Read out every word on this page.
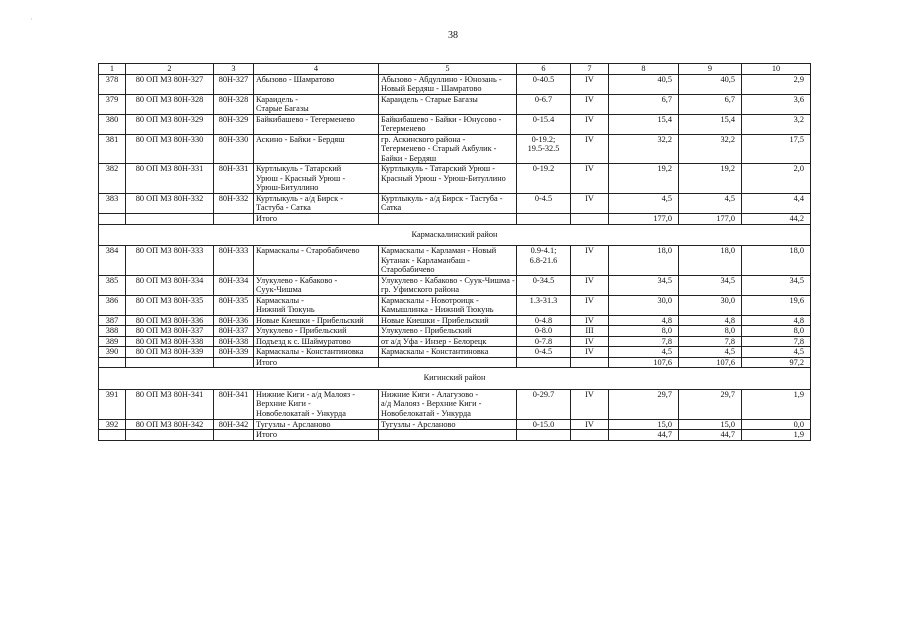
38
1	2	3	4	5	6	7	8	9	10
378	80 ОП МЗ 80Н-327	80Н-327	Абызово - Шамратово	Абызово - Абдуллино - Юнозань -
Новый Бердяш - Шамратово	0-40.5	IV	40,5	40,5	2,9
379	80 ОП МЗ 80Н-328	80Н-328	Караидель -
Старые Багазы	Караидель - Старые Багазы	0-6.7	IV	6,7	6,7	3,6
380	80 ОП МЗ 80Н-329	80Н-329	Байкибашево - Тегерменево	Байкибашево - Байки - Юнусово -
Тегерменево	0-15.4	IV	15,4	15,4	3,2
381	80 ОП МЗ 80Н-330	80Н-330	Аскино - Байки - Бердяш	гр. Аскинского района -
Тегерменево - Старый Акбулик -
Байки - Бердяш	0-19.2;
19.5-32.5	IV	32,2	32,2	17,5
382	80 ОП МЗ 80Н-331	80Н-331	Куртлыкуль - Татарский
Урюш - Красный Урюш -
Урюш-Битуллино	Куртлыкуль - Татарский Урюш -
Красный Урюш - Урюш-Битуллино	0-19.2	IV	19,2	19,2	2,0
383	80 ОП МЗ 80Н-332	80Н-332	Куртлыкуль - а/д Бирск -
Тастуба - Сатка	Куртлыкуль - а/д Бирск - Тастуба -
Сатка	0-4.5	IV	4,5	4,5	4,4
			Итого				177,0	177,0	44,2
Кармаскалинский район									
384	80 ОП МЗ 80Н-333	80Н-333	Кармаскалы - Старобабичево	Кармаскалы - Карламан - Новый
Кутанак - Карламанбаш -
Старобабичево	0.9-4.1;
6.8-21.6	IV	18,0	18,0	18,0
385	80 ОП МЗ 80Н-334	80Н-334	Улукулево - Кабаково -
Суук-Чишма	Улукулево - Кабаково - Суук-Чишма -
гр. Уфимского района	0-34.5	IV	34,5	34,5	34,5
386	80 ОП МЗ 80Н-335	80Н-335	Кармаскалы -
Нижний Тюкунь	Кармаскалы - Новотроицк -
Камышлинка - Нижний Тюкунь	1.3-31.3	IV	30,0	30,0	19,6
387	80 ОП МЗ 80Н-336	80Н-336	Новые Киешки - Прибельский	Новые Киешки - Прибельский	0-4.8	IV	4,8	4,8	4,8
388	80 ОП МЗ 80Н-337	80Н-337	Улукулево - Прибельский	Улукулево - Прибельский	0-8.0	III	8,0	8,0	8,0
389	80 ОП МЗ 80Н-338	80Н-338	Подъезд к с. Шаймуратово	от а/д Уфа - Инзер - Белорецк	0-7.8	IV	7,8	7,8	7,8
390	80 ОП МЗ 80Н-339	80Н-339	Кармаскалы - Константиновка	Кармаскалы - Константиновка	0-4.5	IV	4,5	4,5	4,5
			Итого				107,6	107,6	97,2
Кигинский район									
391	80 ОП МЗ 80Н-341	80Н-341	Нижние Киги - а/д Малояз -
Верхние Киги -
Новобелокатай - Ункурда	Нижние Киги - Алагузово -
а/д Малояз - Верхние Киги -
Новобелокатай - Ункурда	0-29.7	IV	29,7	29,7	1,9
392	80 ОП МЗ 80Н-342	80Н-342	Тугузлы - Арсланово	Тугузлы - Арсланово	0-15.0	IV	15,0	15,0	0,0
			Итого				44,7	44,7	1,9
·
